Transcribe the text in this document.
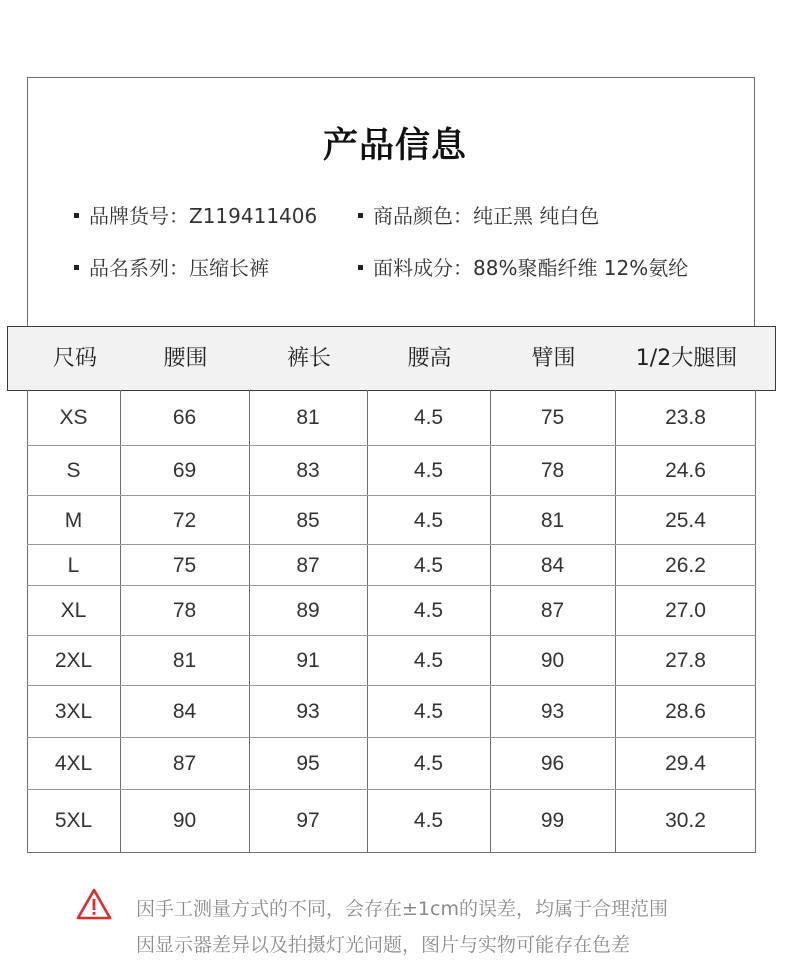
产品信息
品牌货号：Z119411406	商品颜色：纯正黑 纯白色
品名系列：压缩长裤	面料成分：88%聚酯纤维 12%氨纶
尺码	腰围	裤长	腰高	臂围	1/2大腿围
XS	66	81	4.5	75	23.8
S	69	83	4.5	78	24.6
M	72	85	4.5	81	25.4
L	75	87	4.5	84	26.2
XL	78	89	4.5	87	27.0
2XL	81	91	4.5	90	27.8
3XL	84	93	4.5	93	28.6
4XL	87	95	4.5	96	29.4
5XL	90	97	4.5	99	30.2
因手工测量方式的不同，会存在±1cm的误差，均属于合理范围
因显示器差异以及拍摄灯光问题，图片与实物可能存在色差
